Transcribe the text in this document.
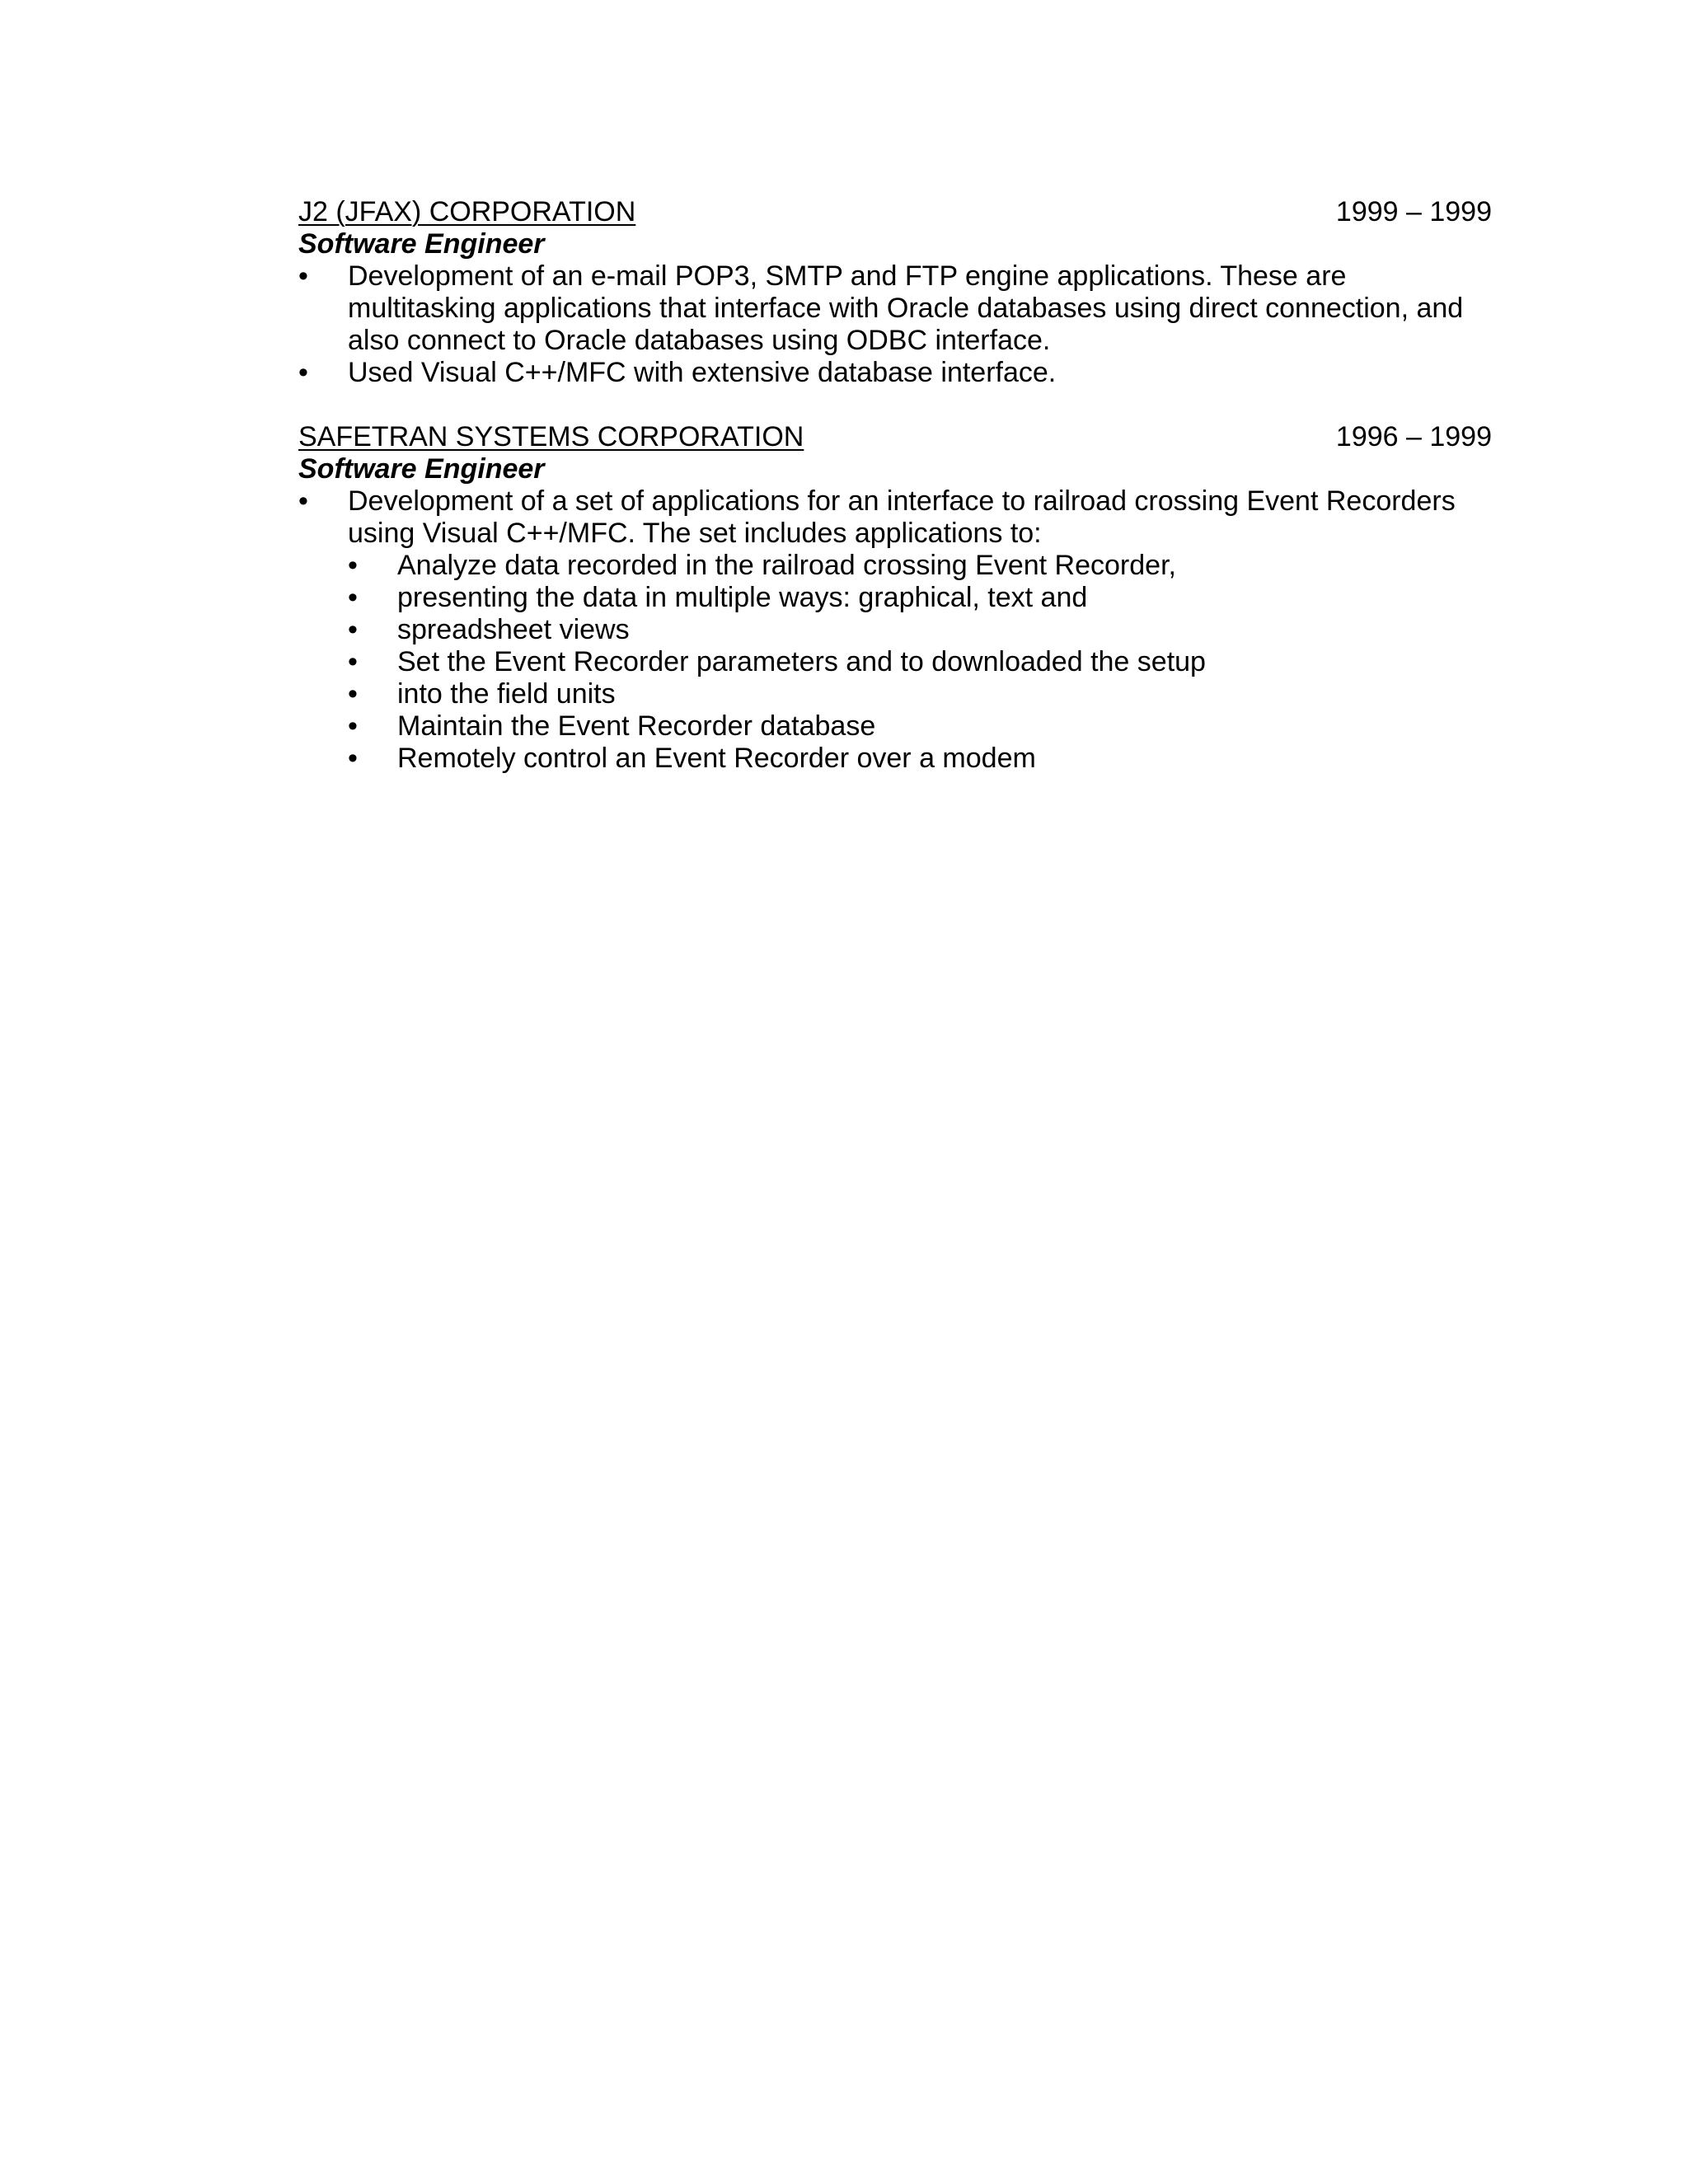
J2 (JFAX) CORPORATION	1999 – 1999
Software Engineer
•	Development of an e-mail POP3, SMTP and FTP engine applications. These are multitasking applications that interface with Oracle databases using direct connection, and also connect to Oracle databases using ODBC interface.
•	Used Visual C++/MFC with extensive database interface.
SAFETRAN SYSTEMS CORPORATION	1996 – 1999
Software Engineer
•	Development of a set of applications for an interface to railroad crossing Event Recorders using Visual C++/MFC. The set includes applications to:
•	Analyze data recorded in the railroad crossing Event Recorder,
•	presenting the data in multiple ways: graphical, text and
•	spreadsheet views
•	Set the Event Recorder parameters and to downloaded the setup
•	into the field units
•	Maintain the Event Recorder database
•	Remotely control an Event Recorder over a modem
